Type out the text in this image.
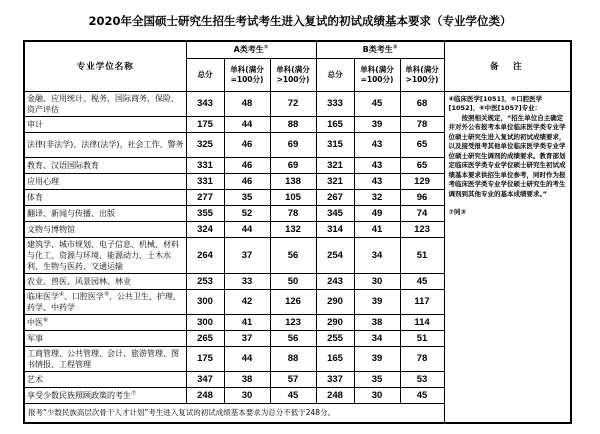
2020年全国硕士研究生招生考试考生进入复试的初试成绩基本要求（专业学位类）
专业学位名称	A类考生①			B类考生②			备　注
	总分	单科(满分=100分)	单科(满分>100分)	总分	单科(满分=100分)	单科(满分>100分)	
金融、应用统计、税务、国际商务、保险、资产评估	343	48	72	333	45	68	④临床医学[1051]、⑤口腔医学[1052]、⑥中医[1057]专业：
按照相关规定，“招生单位自主确定并对外公布报考本单位临床医学类专业学位硕士研究生进入复试的初试成绩要求，以及接受报考其他单位临床医学类专业学位硕士研究生调剂的成绩要求。教育部划定临床医学类专业学位硕士研究生初试成绩基本要求供招生单位参考，同时作为报考临床医学类专业学位硕士研究生的考生调剂到其他专业的基本成绩要求。”
⑦同③

审计	175	44	88	165	39	78	
法律(非法学)、法律(法学)、社会工作、警务	325	46	69	315	43	65	
教育、汉语国际教育	331	46	69	321	43	65	
应用心理	331	46	138	321	43	129	
体育	277	35	105	267	32	96	
翻译、新闻与传播、出版	355	52	78	345	49	74	
文物与博物馆	324	44	132	314	41	123	
建筑学、城市规划、电子信息、机械、材料与化工、资源与环境、能源动力、土木水利、生物与医药、交通运输	264	37	56	254	34	51	
农业、兽医、风景园林、林业	253	33	50	243	30	45	
临床医学④、口腔医学⑤、公共卫生、护理、药学、中药学	300	42	126	290	39	117	
中医⑥	300	41	123	290	38	114	
军事	265	37	56	255	34	51	
工商管理、公共管理、会计、旅游管理、图书情报、工程管理	175	44	88	165	39	78	
艺术	347	38	57	337	35	53	
享受少数民族照顾政策的考生⑦	248	30	45	248	30	45	
报考“少数民族高层次骨干人才计划”考生进入复试的初试成绩基本要求为总分不低于248分。							
